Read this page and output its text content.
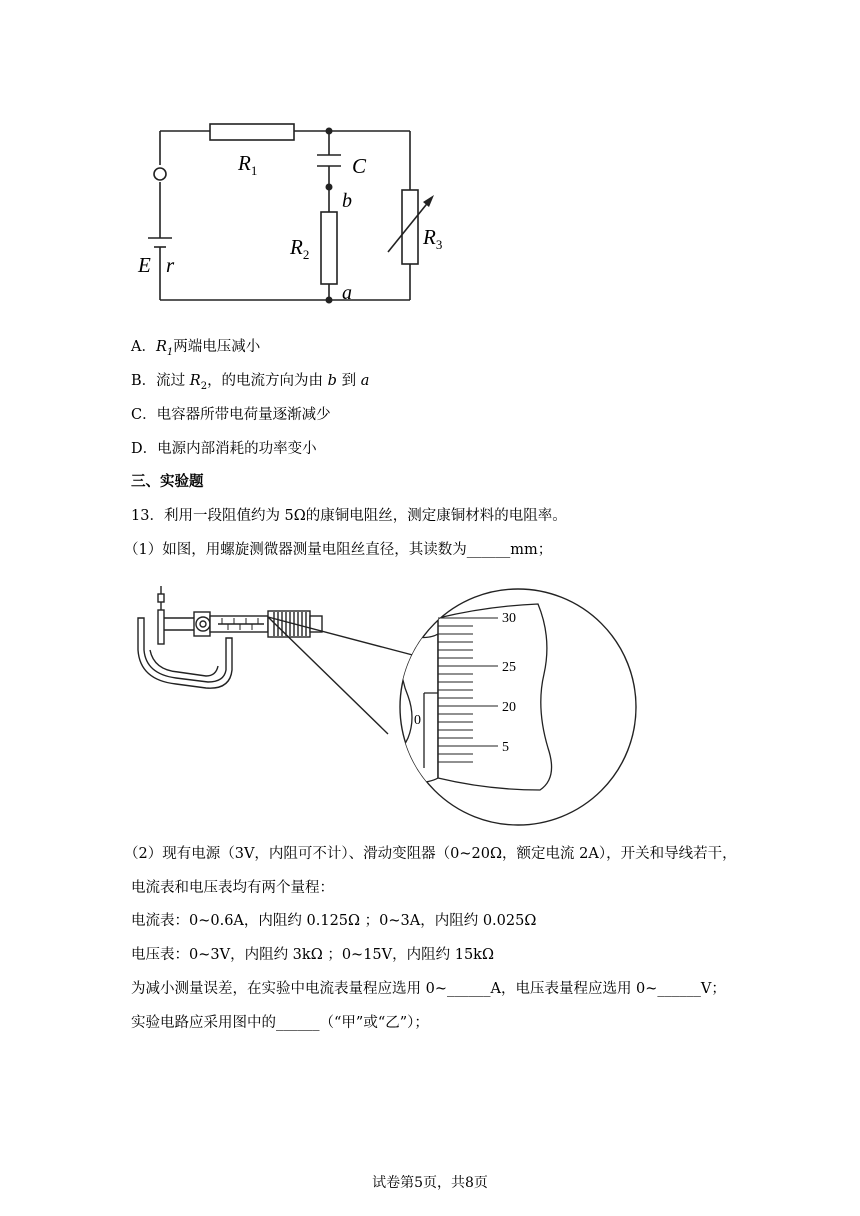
$R_1$	C
b
$R_2$
$R_3$
E r
a
A．$R_1$两端电压减小
B．流过 $R_2$，的电流方向为由 b 到 a
C．电容器所带电荷量逐渐减少
D．电源内部消耗的功率变小
三、实验题
13．利用一段阻值约为 5Ω的康铜电阻丝，测定康铜材料的电阻率。
（1）如图，用螺旋测微器测量电阻丝直径，其读数为______mm；
30
25
20
5
0
（2）现有电源（3V，内阻可不计）、滑动变阻器（0~20Ω，额定电流 2A），开关和导线若干，
电流表和电压表均有两个量程：
电流表：0~0.6A，内阻约 0.125Ω ；0~3A，内阻约 0.025Ω
电压表：0~3V，内阻约 3kΩ ；0~15V，内阻约 15kΩ
为减小测量误差，在实验中电流表量程应选用 0~______A，电压表量程应选用 0~______V；
实验电路应采用图中的______（“甲”或“乙”）；
试卷第5页，共8页
